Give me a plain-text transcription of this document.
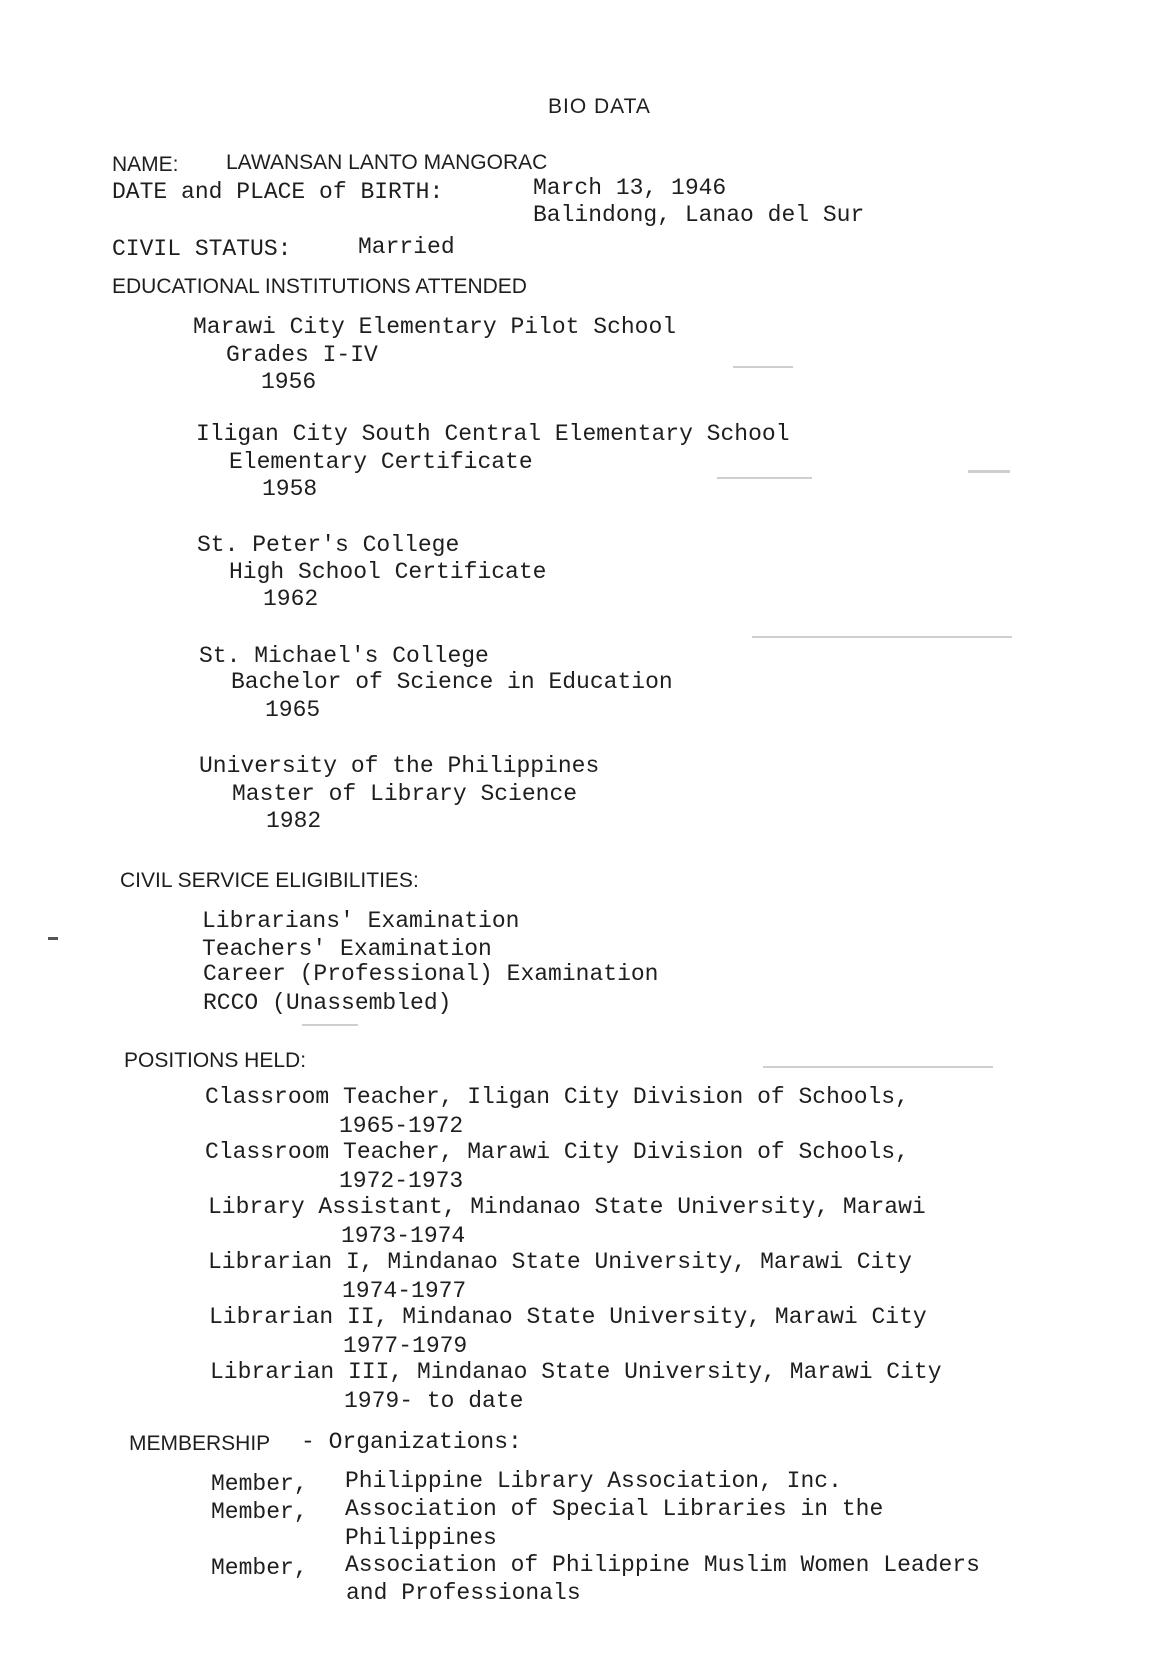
BIO DATA
NAME: LAWANSAN LANTO MANGORAC
DATE and PLACE of BIRTH:	March 13, 1946
Balindong, Lanao del Sur
CIVIL STATUS:	Married
EDUCATIONAL INSTITUTIONS ATTENDED
Marawi City Elementary Pilot School
Grades I-IV
1956
Iligan City South Central Elementary School
Elementary Certificate
1958
St. Peter's College
High School Certificate
1962
St. Michael's College
Bachelor of Science in Education
1965
University of the Philippines
Master of Library Science
1982
CIVIL SERVICE ELIGIBILITIES:
Librarians' Examination
Teachers' Examination
Career (Professional) Examination
RCCO (Unassembled)
POSITIONS HELD:
Classroom Teacher, Iligan City Division of Schools,
1965-1972
Classroom Teacher, Marawi City Division of Schools,
1972-1973
Library Assistant, Mindanao State University, Marawi
1973-1974
Librarian I, Mindanao State University, Marawi City
1974-1977
Librarian II, Mindanao State University, Marawi City
1977-1979
Librarian III, Mindanao State University, Marawi City
1979- to date
MEMBERSHIP - Organizations:
Member, Philippine Library Association, Inc.
Member, Association of Special Libraries in the
Philippines
Member, Association of Philippine Muslim Women Leaders
and Professionals
